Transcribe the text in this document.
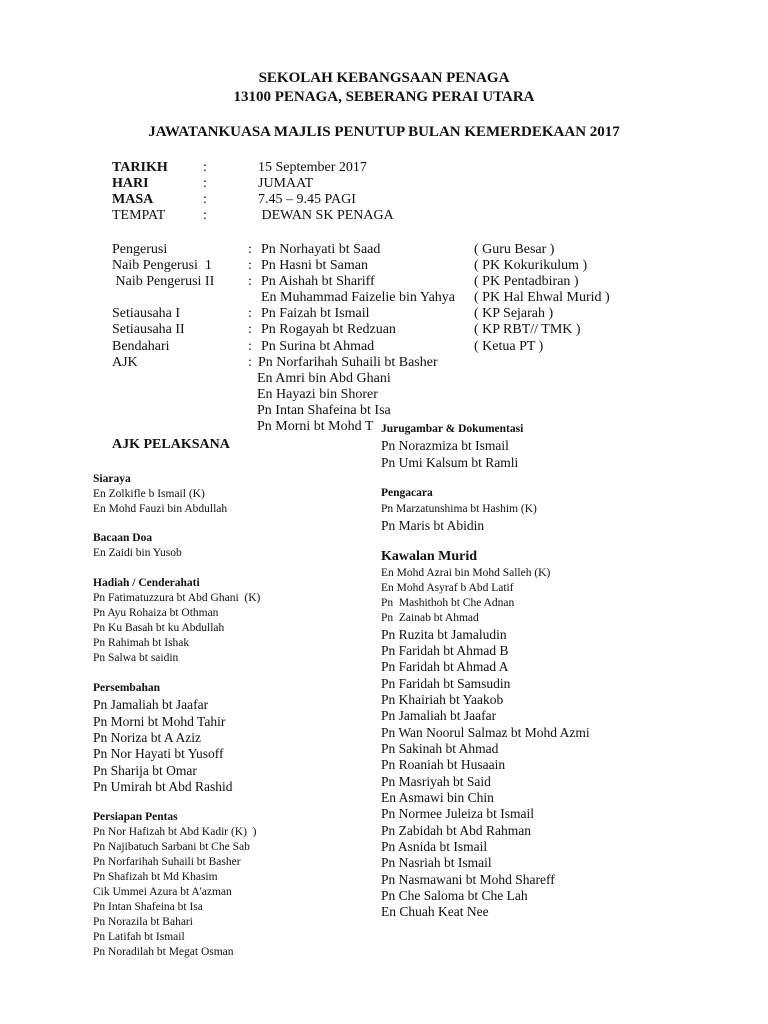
SEKOLAH KEBANGSAAN PENAGA
13100 PENAGA, SEBERANG PERAI UTARA
JAWATANKUASA MAJLIS PENUTUP BULAN KEMERDEKAAN 2017
TARIKH	:	15 September 2017
HARI	:	JUMAAT
MASA	:	7.45 – 9.45 PAGI
TEMPAT	:	DEWAN SK PENAGA
Pengerusi	: Pn Norhayati bt Saad	( Guru Besar )
Naib Pengerusi  1	: Pn Hasni bt Saman	( PK Kokurikulum )
Naib Pengerusi II : Pn Aishah bt Shariff	( PK Pentadbiran )
En Muhammad Faizelie bin Yahya ( PK Hal Ehwal Murid )
Setiausaha I	: Pn Faizah bt Ismail	( KP Sejarah )
Setiausaha II	: Pn Rogayah bt Redzuan	( KP RBT// TMK )
Bendahari	: Pn Surina bt Ahmad	( Ketua PT )
AJK	: Pn Norfarihah Suhaili bt Basher
En Amri bin Abd Ghani
En Hayazi bin Shorer
Pn Intan Shafeina bt Isa
Pn Morni bt Mohd T
AJK PELAKSANA
Siaraya
En Zolkifle b Ismail (K)
En Mohd Fauzi bin Abdullah
Bacaan Doa
En Zaidi bin Yusob
Hadiah / Cenderahati
Pn Fatimatuzzura bt Abd Ghani  (K)
Pn Ayu Rohaiza bt Othman
Pn Ku Basah bt ku Abdullah
Pn Rahimah bt Ishak
Pn Salwa bt saidin
Persembahan
Pn Jamaliah bt Jaafar
Pn Morni bt Mohd Tahir
Pn Noriza bt A Aziz
Pn Nor Hayati bt Yusoff
Pn Sharija bt Omar
Pn Umirah bt Abd Rashid
Persiapan Pentas
Pn Nor Hafizah bt Abd Kadir (K)  )
Pn Najibatuch Sarbani bt Che Sab
Pn Norfarihah Suhaili bt Basher
Pn Shafizah bt Md Khasim
Cik Ummei Azura bt A'azman
Pn Intan Shafeina bt Isa
Pn Norazila bt Bahari
Pn Latifah bt Ismail
Pn Noradilah bt Megat Osman
Jurugambar & Dokumentasi
Pn Norazmiza bt Ismail
Pn Umi Kalsum bt Ramli
Pengacara
Pn Marzatunshima bt Hashim (K)
Pn Maris bt Abidin
Kawalan Murid
En Mohd Azrai bin Mohd Salleh (K)
En Mohd Asyraf b Abd Latif
Pn  Mashithoh bt Che Adnan
Pn  Zainab bt Ahmad
Pn Ruzita bt Jamaludin
Pn Faridah bt Ahmad B
Pn Faridah bt Ahmad A
Pn Faridah bt Samsudin
Pn Khairiah bt Yaakob
Pn Jamaliah bt Jaafar
Pn Wan Noorul Salmaz bt Mohd Azmi
Pn Sakinah bt Ahmad
Pn Roaniah bt Husaain
Pn Masriyah bt Said
En Asmawi bin Chin
Pn Normee Juleiza bt Ismail
Pn Zabidah bt Abd Rahman
Pn Asnida bt Ismail
Pn Nasriah bt Ismail
Pn Nasmawani bt Mohd Shareff
Pn Che Saloma bt Che Lah
En Chuah Keat Nee
